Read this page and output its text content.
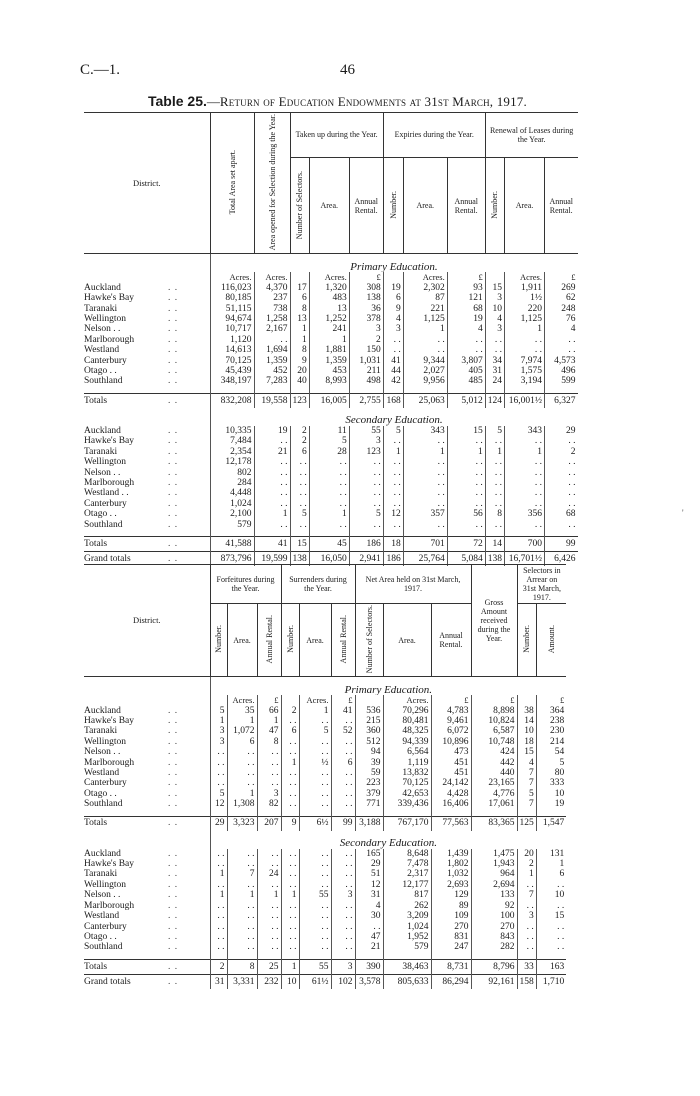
C.—1.	46
Table 25.—Return of Education Endowments at 31st March, 1917.
District.		Total Area set apart.	Area opened for Selection during the Year.	Taken up during the Year.			Expiries during the Year.			Renewal of Leases during the Year.		
				Number of Selectors.	Area.	Annual Rental.	Number.	Area.	Annual Rental.	Number.	Area.	Annual Rental.
		Primary Education.										
		Acres.	Acres.		Acres.	£		Acres.	£		Acres.	£
Auckland	. .	116,023	4,370	17	1,320	308	19	2,302	93	15	1,911	269
Hawke's Bay	. .	80,185	237	6	483	138	6	87	121	3	1½	62
Taranaki	. .	51,115	738	8	13	36	9	221	68	10	220	248
Wellington	. .	94,674	1,258	13	1,252	378	4	1,125	19	4	1,125	76
Nelson . .	. .	10,717	2,167	1	241	3	3	1	4	3	1	4
Marlborough	. .	1,120	. .	1	1	2	. .	. .	. .	. .	. .	. .
Westland	. .	14,613	1,694	8	1,881	150	. .	. .	. .	. .	. .	. .
Canterbury	. .	70,125	1,359	9	1,359	1,031	41	9,344	3,807	34	7,974	4,573
Otago . .	. .	45,439	452	20	453	211	44	2,027	405	31	1,575	496
Southland	. .	348,197	7,283	40	8,993	498	42	9,956	485	24	3,194	599

Totals	. .	832,208	19,558	123	16,005	2,755	168	25,063	5,012	124	16,001½	6,327
		Secondary Education.										
Auckland	. .	10,335	19	2	11	55	5	343	15	5	343	29
Hawke's Bay	. .	7,484	. .	2	5	3	. .	. .	. .	. .	. .	. .
Taranaki	. .	2,354	21	6	28	123	1	1	1	1	1	2
Wellington	. .	12,178	. .	. .	. .	. .	. .	. .	. .	. .	. .	. .
Nelson . .	. .	802	. .	. .	. .	. .	. .	. .	. .	. .	. .	. .
Marlborough	. .	284	. .	. .	. .	. .	. .	. .	. .	. .	. .	. .
Westland . .	. .	4,448	. .	. .	. .	. .	. .	. .	. .	. .	. .	. .
Canterbury	. .	1,024	. .	. .	. .	. .	. .	. .	. .	. .	. .	. .
Otago . .	. .	2,100	1	5	1	5	12	357	56	8	356	68
Southland	. .	579	. .	. .	. .	. .	. .	. .	. .	. .	. .	. .

Totals	. .	41,588	41	15	45	186	18	701	72	14	700	99
Grand totals	. .	873,796	19,599	138	16,050	2,941	186	25,764	5,084	138	16,701½	6,426
District.		Forfeitures during the Year.			Surrenders during the Year.			Net Area held on 31st March, 1917.			Gross Amount received during the Year.	Selectors in Arrear on 31st March, 1917.	
		Number.	Area.	Annual Rental.	Number.	Area.	Annual Rental.	Number of Selectors.	Area.	Annual Rental.		Number.	Amount.
		Primary Education.											
			Acres.	£		Acres.	£		Acres.	£	£		£
Auckland	. .	5	35	66	2	1	41	536	70,296	4,783	8,898	38	364
Hawke's Bay	. .	1	1	1	. .	. .	. .	215	80,481	9,461	10,824	14	238
Taranaki	. .	3	1,072	47	6	5	52	360	48,325	6,072	6,587	10	230
Wellington	. .	3	6	8	. .	. .	. .	512	94,339	10,896	10,748	18	214
Nelson . .	. .	. .	. .	. .	. .	. .	. .	94	6,564	473	424	15	54
Marlborough	. .	. .	. .	. .	1	½	6	39	1,119	451	442	4	5
Westland	. .	. .	. .	. .	. .	. .	. .	59	13,832	451	440	7	80
Canterbury	. .	. .	. .	. .	. .	. .	. .	223	70,125	24,142	23,165	7	333
Otago . .	. .	5	1	3	. .	. .	. .	379	42,653	4,428	4,776	5	10
Southland	. .	12	1,308	82	. .	. .	. .	771	339,436	16,406	17,061	7	19

Totals	. .	29	3,323	207	9	6½	99	3,188	767,170	77,563	83,365	125	1,547
		Secondary Education.											
Auckland	. .	. .	. .	. .	. .	. .	. .	165	8,648	1,439	1,475	20	131
Hawke's Bay	. .	. .	. .	. .	. .	. .	. .	29	7,478	1,802	1,943	2	1
Taranaki	. .	1	7	24	. .	. .	. .	51	2,317	1,032	964	1	6
Wellington	. .	. .	. .	. .	. .	. .	. .	12	12,177	2,693	2,694	. .	. .
Nelson . .	. .	1	1	1	1	55	3	31	817	129	133	7	10
Marlborough	. .	. .	. .	. .	. .	. .	. .	4	262	89	92	. .	. .
Westland	. .	. .	. .	. .	. .	. .	. .	30	3,209	109	100	3	15
Canterbury	. .	. .	. .	. .	. .	. .	. .	. .	1,024	270	270	. .	. .
Otago . .	. .	. .	. .	. .	. .	. .	. .	47	1,952	831	843	. .	. .
Southland	. .	. .	. .	. .	. .	. .	. .	21	579	247	282	. .	. .

Totals	. .	2	8	25	1	55	3	390	38,463	8,731	8,796	33	163
Grand totals	. .	31	3,331	232	10	61½	102	3,578	805,633	86,294	92,161	158	1,710
'
